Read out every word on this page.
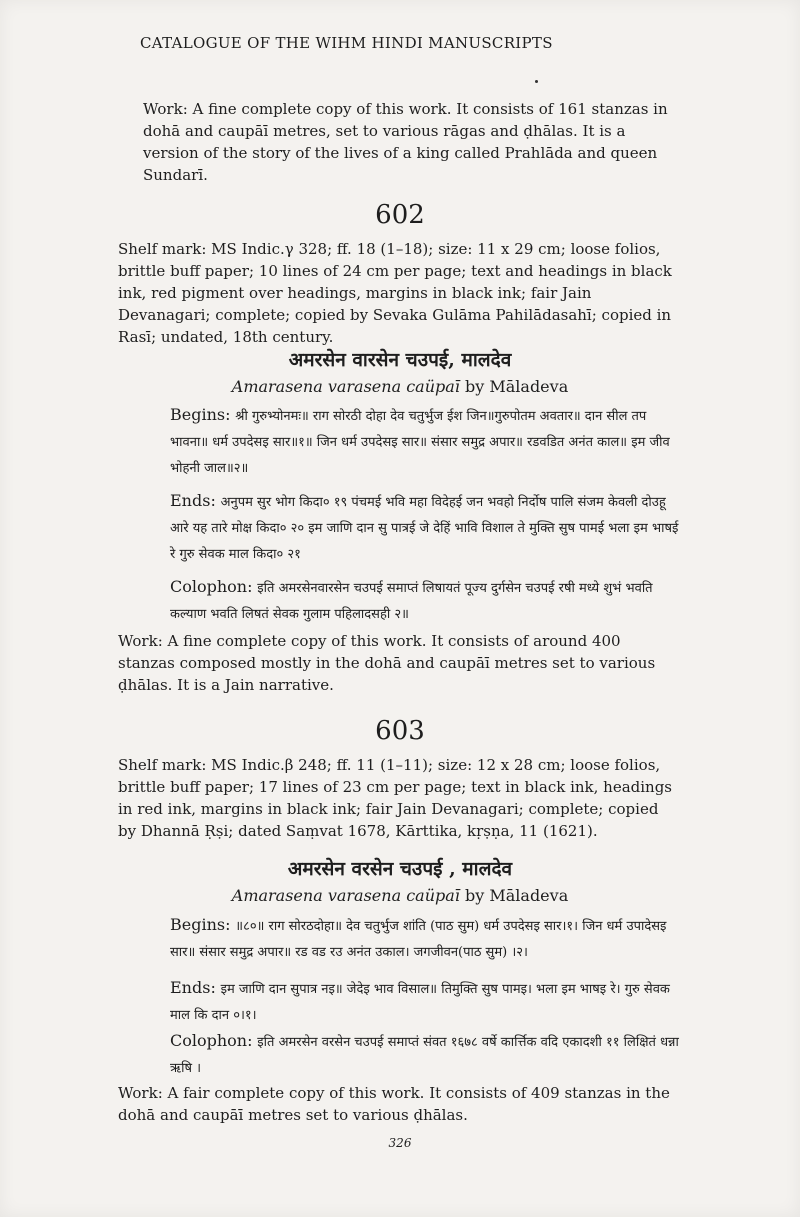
CATALOGUE OF THE WIHM HINDI MANUSCRIPTS

Work: A fine complete copy of this work. It consists of 161 stanzas in dohā and caupāī metres, set to various rāgas and ḍhālas. It is a version of the story of the lives of a king called Prahlāda and queen Sundarī.

602

Shelf mark: MS Indic.γ 328; ff. 18 (1–18); size: 11 x 29 cm; loose folios, brittle buff paper; 10 lines of 24 cm per page; text and headings in black ink, red pigment over headings, margins in black ink; fair Jain Devanagari; complete; copied by Sevaka Gulāma Pahilādasahī; copied in Rasī; undated, 18th century.

अमरसेन वारसेन चउपई, मालदेव
Amarasena varasena caüpaī by Māladeva
Begins: श्री गुरुभ्योनमः॥ राग सोरठी दोहा देव चतुर्भुज ईश जिन॥गुरुपोतम अवतार॥ दान सील तप भावना॥ धर्म उपदेसइ सार॥१॥ जिन धर्म उपदेसइ सार॥ संसार समुद्र अपार॥ रडवडित अनंत काल॥ इम जीव भोहनी जाल॥२॥
Ends: अनुपम सुर भोग किदा० १९ पंचमई भवि महा विदेहई जन भवहो निर्दोष पालि संजम केवली दोउहू आरे यह तारे मोक्ष किदा० २० इम जाणि दान सु पात्रई जे देहिं भावि विशाल ते मुक्ति सुष पामई भला इम भाषई रे गुरु सेवक माल किदा० २१
Colophon: इति अमरसेनवारसेन चउपई समाप्तं लिषायतं पूज्य दुर्गसेन चउपई रषी मध्ये शुभं भवति कल्याण भवति लिषतं सेवक गुलाम पहिलादसही २॥

Work: A fine complete copy of this work. It consists of around 400 stanzas composed mostly in the dohā and caupāī metres set to various ḍhālas. It is a Jain narrative.

603

Shelf mark: MS Indic.β 248; ff. 11 (1–11); size: 12 x 28 cm; loose folios, brittle buff paper; 17 lines of 23 cm per page; text in black ink, headings in red ink, margins in black ink; fair Jain Devanagari; complete; copied by Dhannā Ṛṣi; dated Saṃvat 1678, Kārttika, kṛṣṇa, 11 (1621).

अमरसेन वरसेन चउपई , मालदेव
Amarasena varasena caüpaī by Māladeva
Begins: ॥८०॥ राग सोरठदोहा॥ देव चतुर्भुज शांति (पाठ सुम) धर्म उपदेसइ सार।१। जिन धर्म उपादेसइ सार॥ संसार समुद्र अपार॥ रड वड रउ अनंत उकाल। जगजीवन(पाठ सुम) ।२।
Ends: इम जाणि दान सुपात्र नइ॥ जेदेइ भाव विसाल॥ तिमुक्ति सुष पामइ। भला इम भाषइ रे। गुरु सेवक माल कि दान ०।१।
Colophon: इति अमरसेन वरसेन चउपई समाप्तं संवत १६७८ वर्षे कार्त्तिक वदि एकादशी ११ लिक्षितं धन्ना ऋषि ।

Work: A fair complete copy of this work. It consists of 409 stanzas in the dohā and caupāī metres set to various ḍhālas.

326
